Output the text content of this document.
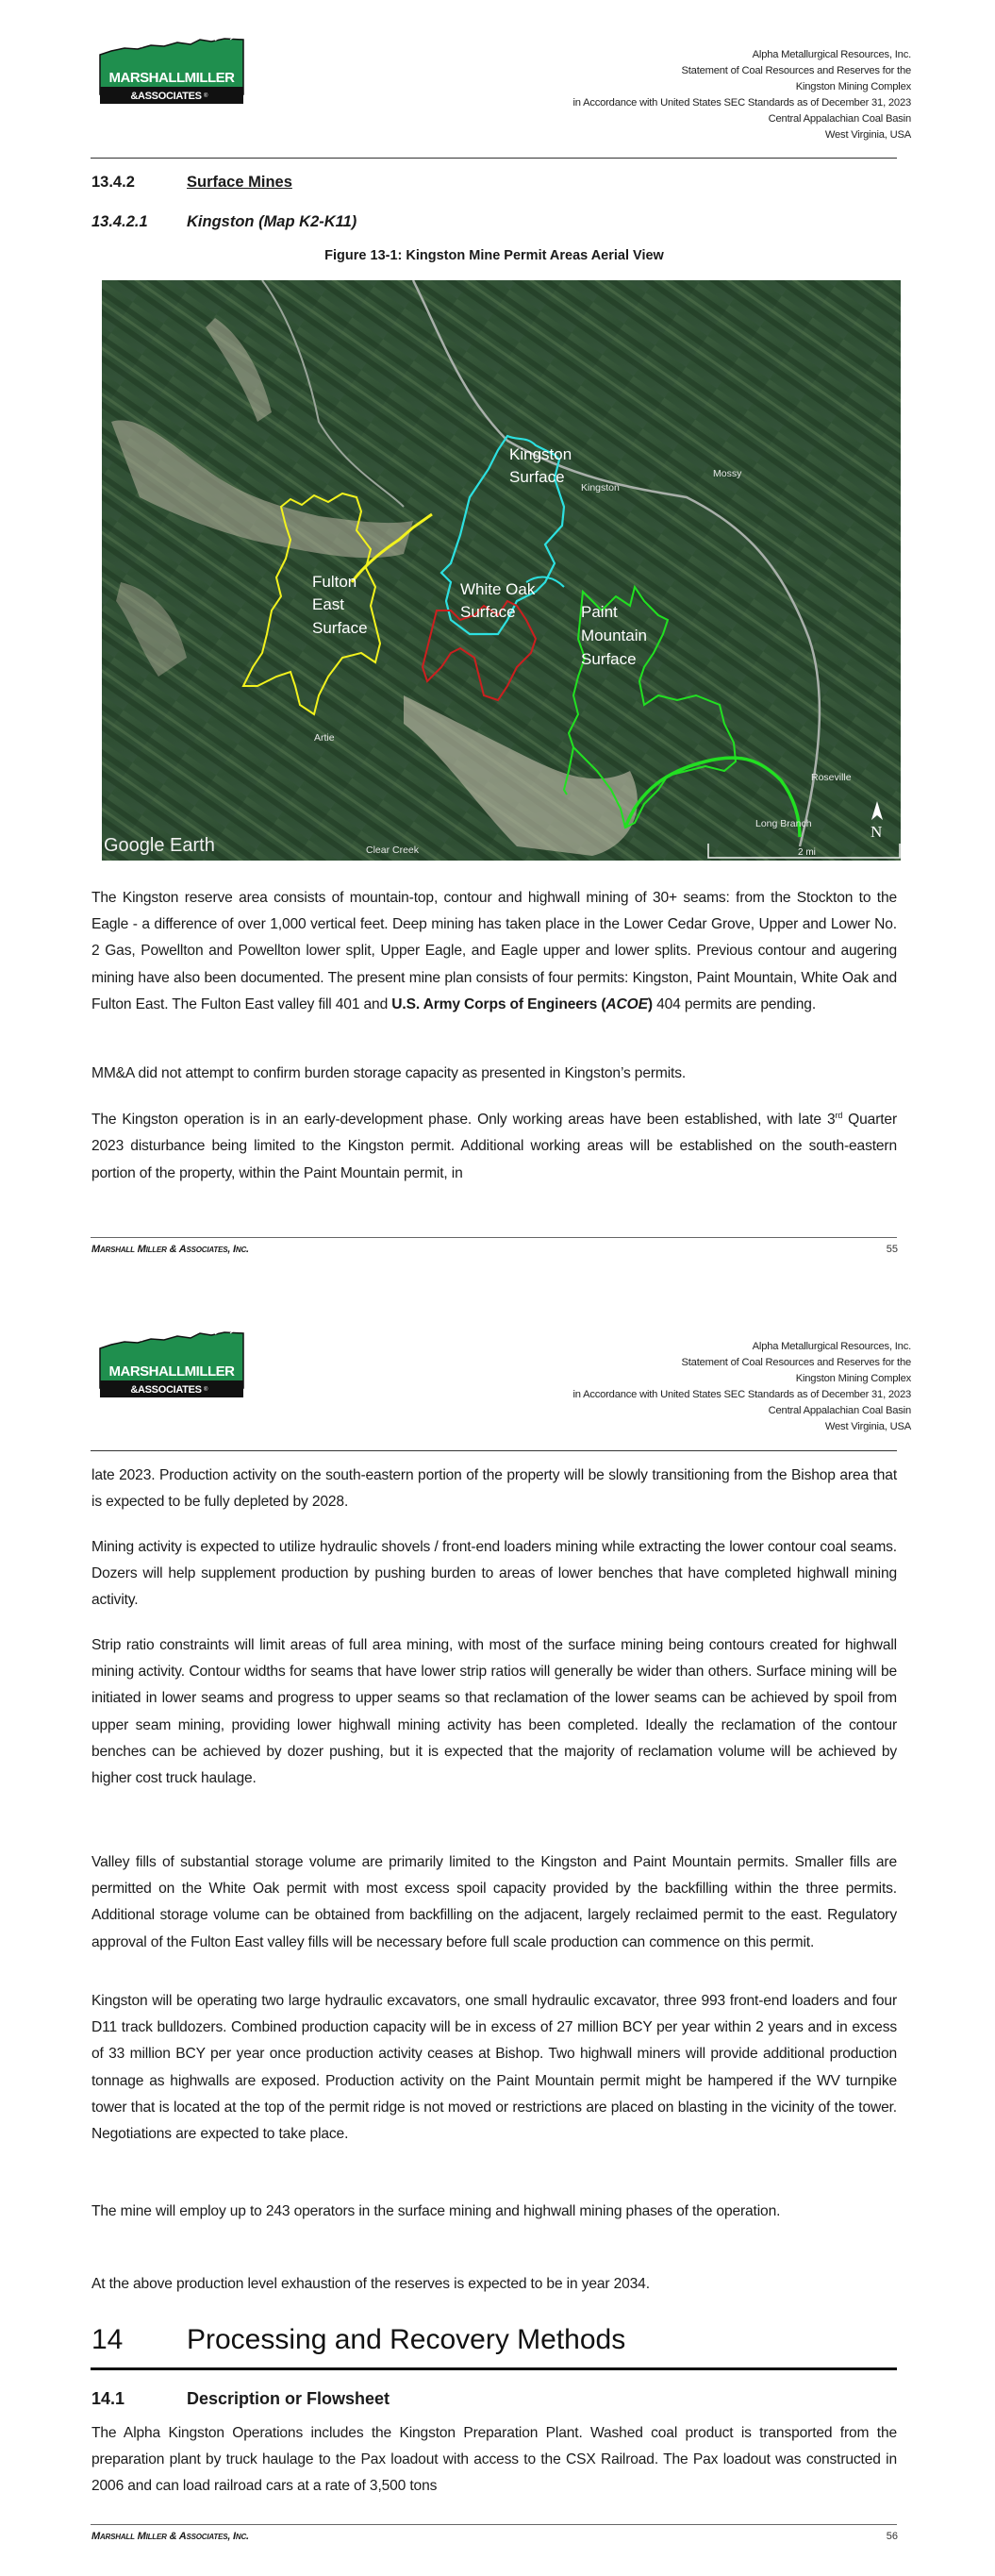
MARSHALLMILLER
&ASSOCIATES ®
Alpha Metallurgical Resources, Inc.
Statement of Coal Resources and Reserves for the
Kingston Mining Complex
in Accordance with United States SEC Standards as of December 31, 2023
Central Appalachian Coal Basin
West Virginia, USA
13.4.2	Surface Mines
13.4.2.1	Kingston (Map K2-K11)
Figure 13-1: Kingston Mine Permit Areas Aerial View
Kingston
Surface
Fulton
East
Surface
White Oak
Surface	Paint
Mountain
Surface
Kingston
Mossy
Artie
Clear Creek
Roseville
Long Branch
Google Earth	2 mi
N

The Kingston reserve area consists of mountain-top, contour and highwall mining of 30+ seams: from the Stockton to the Eagle - a difference of over 1,000 vertical feet. Deep mining has taken place in the Lower Cedar Grove, Upper and Lower No. 2 Gas, Powellton and Powellton lower split, Upper Eagle, and Eagle upper and lower splits. Previous contour and augering mining have also been documented. The present mine plan consists of four permits: Kingston, Paint Mountain, White Oak and Fulton East. The Fulton East valley fill 401 and U.S. Army Corps of Engineers (ACOE) 404 permits are pending.

MM&A did not attempt to confirm burden storage capacity as presented in Kingston’s permits.

The Kingston operation is in an early-development phase. Only working areas have been established, with late 3rd Quarter 2023 disturbance being limited to the Kingston permit. Additional working areas will be established on the south-eastern portion of the property, within the Paint Mountain permit, in

Marshall Miller & Associates, Inc.	55
MARSHALLMILLER
&ASSOCIATES ®
Alpha Metallurgical Resources, Inc.
Statement of Coal Resources and Reserves for the
Kingston Mining Complex
in Accordance with United States SEC Standards as of December 31, 2023
Central Appalachian Coal Basin
West Virginia, USA

late 2023. Production activity on the south-eastern portion of the property will be slowly transitioning from the Bishop area that is expected to be fully depleted by 2028.

Mining activity is expected to utilize hydraulic shovels / front-end loaders mining while extracting the lower contour coal seams. Dozers will help supplement production by pushing burden to areas of lower benches that have completed highwall mining activity.

Strip ratio constraints will limit areas of full area mining, with most of the surface mining being contours created for highwall mining activity. Contour widths for seams that have lower strip ratios will generally be wider than others. Surface mining will be initiated in lower seams and progress to upper seams so that reclamation of the lower seams can be achieved by spoil from upper seam mining, providing lower highwall mining activity has been completed. Ideally the reclamation of the contour benches can be achieved by dozer pushing, but it is expected that the majority of reclamation volume will be achieved by higher cost truck haulage.

Valley fills of substantial storage volume are primarily limited to the Kingston and Paint Mountain permits. Smaller fills are permitted on the White Oak permit with most excess spoil capacity provided by the backfilling within the three permits. Additional storage volume can be obtained from backfilling on the adjacent, largely reclaimed permit to the east. Regulatory approval of the Fulton East valley fills will be necessary before full scale production can commence on this permit.

Kingston will be operating two large hydraulic excavators, one small hydraulic excavator, three 993 front-end loaders and four D11 track bulldozers. Combined production capacity will be in excess of 27 million BCY per year within 2 years and in excess of 33 million BCY per year once production activity ceases at Bishop. Two highwall miners will provide additional production tonnage as highwalls are exposed. Production activity on the Paint Mountain permit might be hampered if the WV turnpike tower that is located at the top of the permit ridge is not moved or restrictions are placed on blasting in the vicinity of the tower. Negotiations are expected to take place.

The mine will employ up to 243 operators in the surface mining and highwall mining phases of the operation.

At the above production level exhaustion of the reserves is expected to be in year 2034.

14	Processing and Recovery Methods
14.1	Description or Flowsheet

The Alpha Kingston Operations includes the Kingston Preparation Plant. Washed coal product is transported from the preparation plant by truck haulage to the Pax loadout with access to the CSX Railroad. The Pax loadout was constructed in 2006 and can load railroad cars at a rate of 3,500 tons

Marshall Miller & Associates, Inc.	56
